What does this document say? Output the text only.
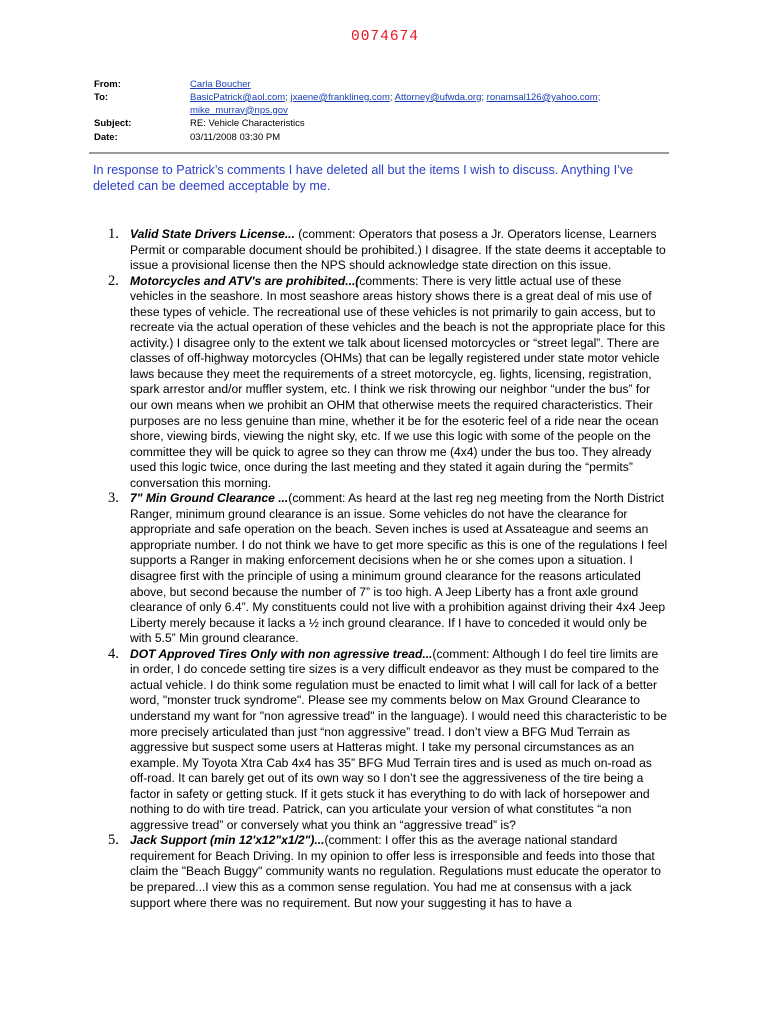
0074674
From:	Carla Boucher
To:	BasicPatrick@aol.com; jxaene@franklineg.com; Attorney@ufwda.org; ronamsal126@yahoo.com;
mike_murray@nps.gov
Subject:	RE: Vehicle Characteristics
Date:	03/11/2008 03:30 PM
In response to Patrick’s comments I have deleted all but the items I wish to discuss. Anything I’ve deleted can be deemed acceptable by me.
1. Valid State Drivers License... (comment: Operators that posess a Jr. Operators license, Learners Permit or comparable document should be prohibited.) I disagree. If the state deems it acceptable to issue a provisional license then the NPS should acknowledge state direction on this issue.
2. Motorcycles and ATV's are prohibited...(comments: There is very little actual use of these vehicles in the seashore. In most seashore areas history shows there is a great deal of mis use of these types of vehicle. The recreational use of these vehicles is not primarily to gain access, but to recreate via the actual operation of these vehicles and the beach is not the appropriate place for this activity.) I disagree only to the extent we talk about licensed motorcycles or “street legal”. There are classes of off-highway motorcycles (OHMs) that can be legally registered under state motor vehicle laws because they meet the requirements of a street motorcycle, eg. lights, licensing, registration, spark arrestor and/or muffler system, etc. I think we risk throwing our neighbor “under the bus” for our own means when we prohibit an OHM that otherwise meets the required characteristics. Their purposes are no less genuine than mine, whether it be for the esoteric feel of a ride near the ocean shore, viewing birds, viewing the night sky, etc. If we use this logic with some of the people on the committee they will be quick to agree so they can throw me (4x4) under the bus too. They already used this logic twice, once during the last meeting and they stated it again during the “permits” conversation this morning.
3. 7" Min Ground Clearance ...(comment: As heard at the last reg neg meeting from the North District Ranger, minimum ground clearance is an issue. Some vehicles do not have the clearance for appropriate and safe operation on the beach. Seven inches is used at Assateague and seems an appropriate number. I do not think we have to get more specific as this is one of the regulations I feel supports a Ranger in making enforcement decisions when he or she comes upon a situation. I disagree first with the principle of using a minimum ground clearance for the reasons articulated above, but second because the number of 7” is too high. A Jeep Liberty has a front axle ground clearance of only 6.4”. My constituents could not live with a prohibition against driving their 4x4 Jeep Liberty merely because it lacks a ½ inch ground clearance. If I have to conceded it would only be with 5.5” Min ground clearance.
4. DOT Approved Tires Only with non agressive tread...(comment: Although I do feel tire limits are in order, I do concede setting tire sizes is a very difficult endeavor as they must be compared to the actual vehicle. I do think some regulation must be enacted to limit what I will call for lack of a better word, "monster truck syndrome". Please see my comments below on Max Ground Clearance to understand my want for "non agressive tread" in the language). I would need this characteristic to be more precisely articulated than just “non aggressive” tread. I don’t view a BFG Mud Terrain as aggressive but suspect some users at Hatteras might. I take my personal circumstances as an example. My Toyota Xtra Cab 4x4 has 35” BFG Mud Terrain tires and is used as much on-road as off-road. It can barely get out of its own way so I don’t see the aggressiveness of the tire being a factor in safety or getting stuck. If it gets stuck it has everything to do with lack of horsepower and nothing to do with tire tread. Patrick, can you articulate your version of what constitutes “a non aggressive tread” or conversely what you think an “aggressive tread” is?
5. Jack Support (min 12'x12"x1/2")...(comment: I offer this as the average national standard requirement for Beach Driving. In my opinion to offer less is irresponsible and feeds into those that claim the "Beach Buggy" community wants no regulation. Regulations must educate the operator to be prepared...I view this as a common sense regulation. You had me at consensus with a jack support where there was no requirement. But now your suggesting it has to have a
